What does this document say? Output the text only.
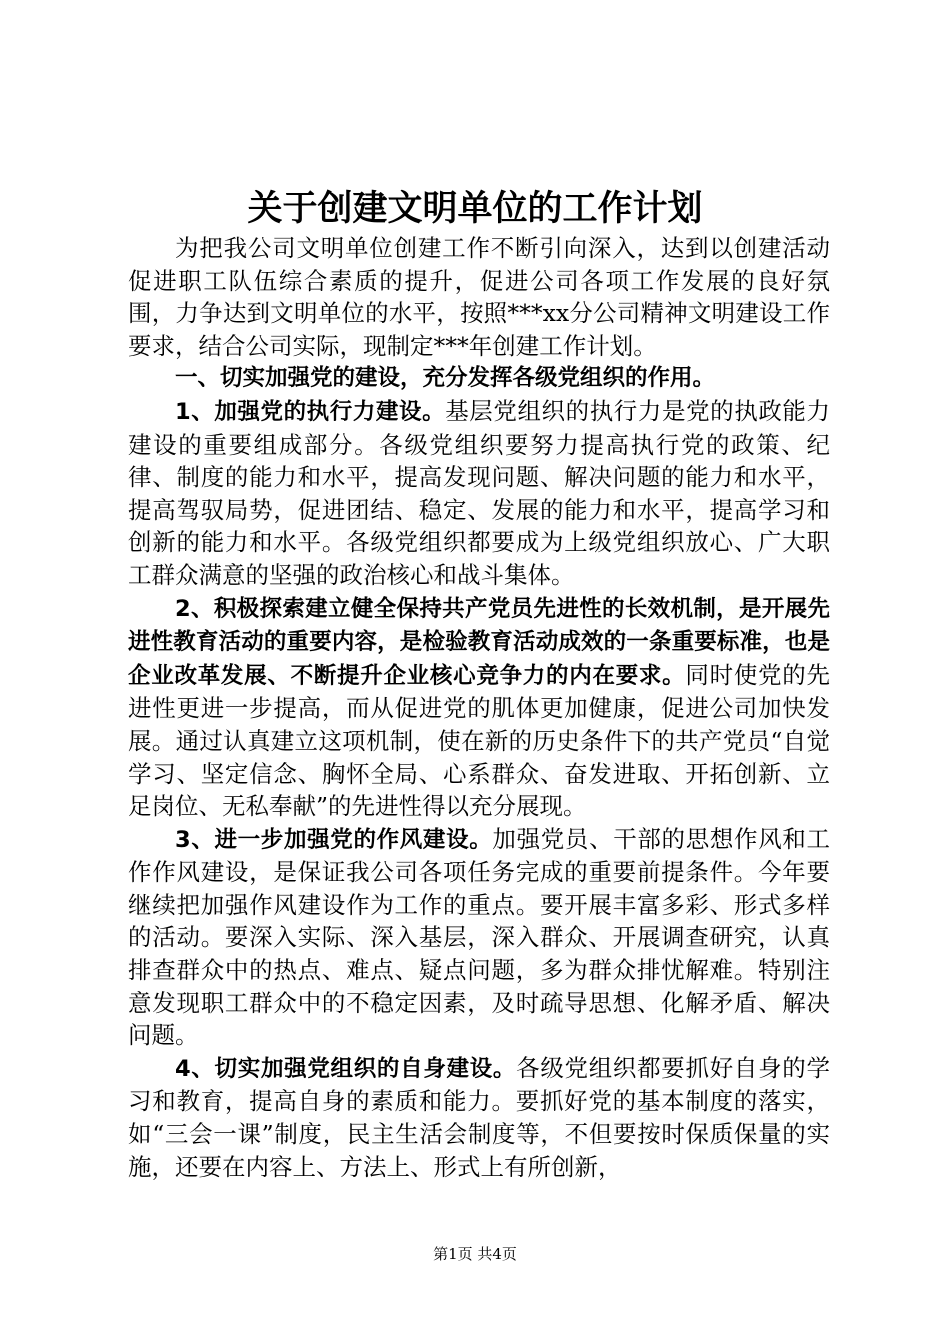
关于创建文明单位的工作计划

为把我公司文明单位创建工作不断引向深入，达到以创建活动促进职工队伍综合素质的提升，促进公司各项工作发展的良好氛围，力争达到文明单位的水平，按照***xx分公司精神文明建设工作要求，结合公司实际，现制定***年创建工作计划。

一、切实加强党的建设，充分发挥各级党组织的作用。

1、加强党的执行力建设。基层党组织的执行力是党的执政能力建设的重要组成部分。各级党组织要努力提高执行党的政策、纪律、制度的能力和水平，提高发现问题、解决问题的能力和水平，提高驾驭局势，促进团结、稳定、发展的能力和水平，提高学习和创新的能力和水平。各级党组织都要成为上级党组织放心、广大职工群众满意的坚强的政治核心和战斗集体。

2、积极探索建立健全保持共产党员先进性的长效机制，是开展先进性教育活动的重要内容，是检验教育活动成效的一条重要标准，也是企业改革发展、不断提升企业核心竞争力的内在要求。同时使党的先进性更进一步提高，而从促进党的肌体更加健康，促进公司加快发展。通过认真建立这项机制，使在新的历史条件下的共产党员“自觉学习、坚定信念、胸怀全局、心系群众、奋发进取、开拓创新、立足岗位、无私奉献”的先进性得以充分展现。

3、进一步加强党的作风建设。加强党员、干部的思想作风和工作作风建设，是保证我公司各项任务完成的重要前提条件。今年要继续把加强作风建设作为工作的重点。要开展丰富多彩、形式多样的活动。要深入实际、深入基层，深入群众、开展调查研究，认真排查群众中的热点、难点、疑点问题，多为群众排忧解难。特别注意发现职工群众中的不稳定因素，及时疏导思想、化解矛盾、解决问题。

4、切实加强党组织的自身建设。各级党组织都要抓好自身的学习和教育，提高自身的素质和能力。要抓好党的基本制度的落实，如“三会一课”制度，民主生活会制度等，不但要按时保质保量的实施，还要在内容上、方法上、形式上有所创新，

第1页 共4页
